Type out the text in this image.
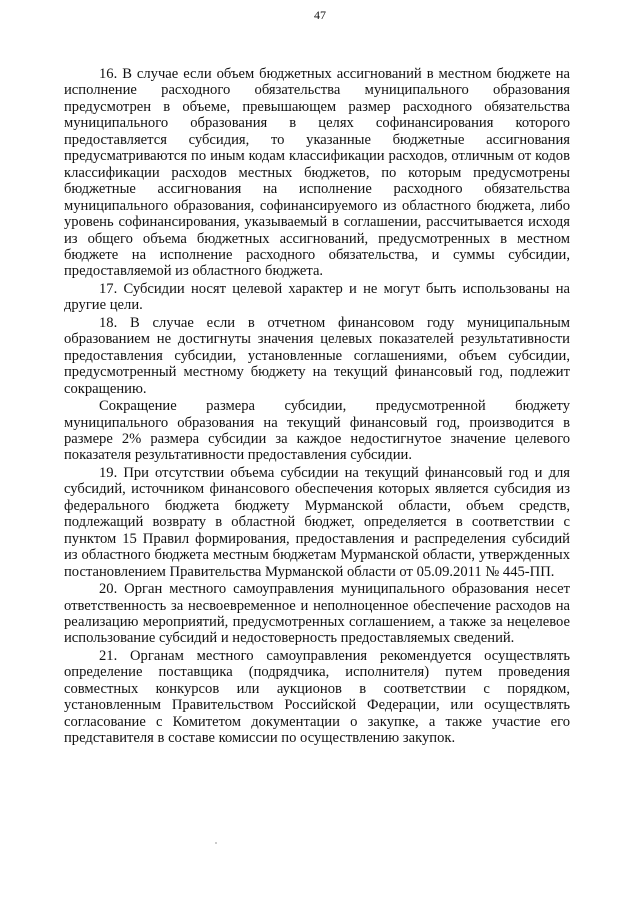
47

16. В случае если объем бюджетных ассигнований в местном бюджете на исполнение расходного обязательства муниципального образования предусмотрен в объеме, превышающем размер расходного обязательства муниципального образования в целях софинансирования которого предоставляется субсидия, то указанные бюджетные ассигнования предусматриваются по иным кодам классификации расходов, отличным от кодов классификации расходов местных бюджетов, по которым предусмотрены бюджетные ассигнования на исполнение расходного обязательства муниципального образования, софинансируемого из областного бюджета, либо уровень софинансирования, указываемый в соглашении, рассчитывается исходя из общего объема бюджетных ассигнований, предусмотренных в местном бюджете на исполнение расходного обязательства, и суммы субсидии, предоставляемой из областного бюджета.

17. Субсидии носят целевой характер и не могут быть использованы на другие цели.

18. В случае если в отчетном финансовом году муниципальным образованием не достигнуты значения целевых показателей результативности предоставления субсидии, установленные соглашениями, объем субсидии, предусмотренный местному бюджету на текущий финансовый год, подлежит сокращению.

Сокращение размера субсидии, предусмотренной бюджету муниципального образования на текущий финансовый год, производится в размере 2% размера субсидии за каждое недостигнутое значение целевого показателя результативности предоставления субсидии.

19. При отсутствии объема субсидии на текущий финансовый год и для субсидий, источником финансового обеспечения которых является субсидия из федерального бюджета бюджету Мурманской области, объем средств, подлежащий возврату в областной бюджет, определяется в соответствии с пунктом 15 Правил формирования, предоставления и распределения субсидий из областного бюджета местным бюджетам Мурманской области, утвержденных постановлением Правительства Мурманской области от 05.09.2011 № 445-ПП.

20. Орган местного самоуправления муниципального образования несет ответственность за несвоевременное и неполноценное обеспечение расходов на реализацию мероприятий, предусмотренных соглашением, а также за нецелевое использование субсидий и недостоверность предоставляемых сведений.

21. Органам местного самоуправления рекомендуется осуществлять определение поставщика (подрядчика, исполнителя) путем проведения совместных конкурсов или аукционов в соответствии с порядком, установленным Правительством Российской Федерации, или осуществлять согласование с Комитетом документации о закупке, а также участие его представителя в составе комиссии по осуществлению закупок.
